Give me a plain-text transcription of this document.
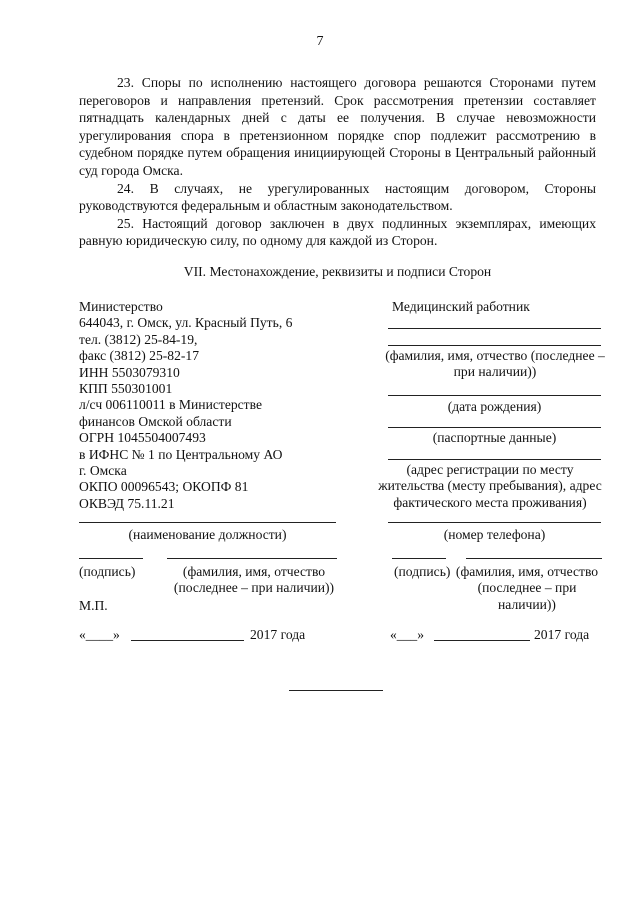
7

23. Споры по исполнению настоящего договора решаются Сторонами путем переговоров и направления претензий. Срок рассмотрения претензии составляет пятнадцать календарных дней с даты ее получения. В случае невозможности урегулирования спора в претензионном порядке спор подлежит рассмотрению в судебном порядке путем обращения инициирующей Стороны в Центральный районный суд города Омска.

24. В случаях, не урегулированных настоящим договором, Стороны руководствуются федеральным и областным законодательством.

25. Настоящий договор заключен в двух подлинных экземплярах, имеющих равную юридическую силу, по одному для каждой из Сторон.

VII. Местонахождение, реквизиты и подписи Сторон
Министерство
644043, г. Омск, ул. Красный Путь, 6
тел. (3812) 25-84-19,
факс (3812) 25-82-17
ИНН 5503079310
КПП 550301001
л/сч 006110011 в Министерстве
финансов Омской области
ОГРН 1045504007493
в ИФНС № 1 по Центральному АО
г. Омска
ОКПО 00096543; ОКОПФ 81
ОКВЭД 75.11.21
(наименование должности)
(подпись)	(фамилия, имя, отчество (последнее – при наличии))
М.П.
«____»	2017 года
Медицинский работник
(фамилия, имя, отчество (последнее – при наличии))
(дата рождения)
(паспортные данные)
(адрес регистрации по месту жительства (месту пребывания), адрес фактического места проживания)
(номер телефона)
(подпись) (фамилия, имя, отчество (последнее – при наличии))
«___»	2017 года
